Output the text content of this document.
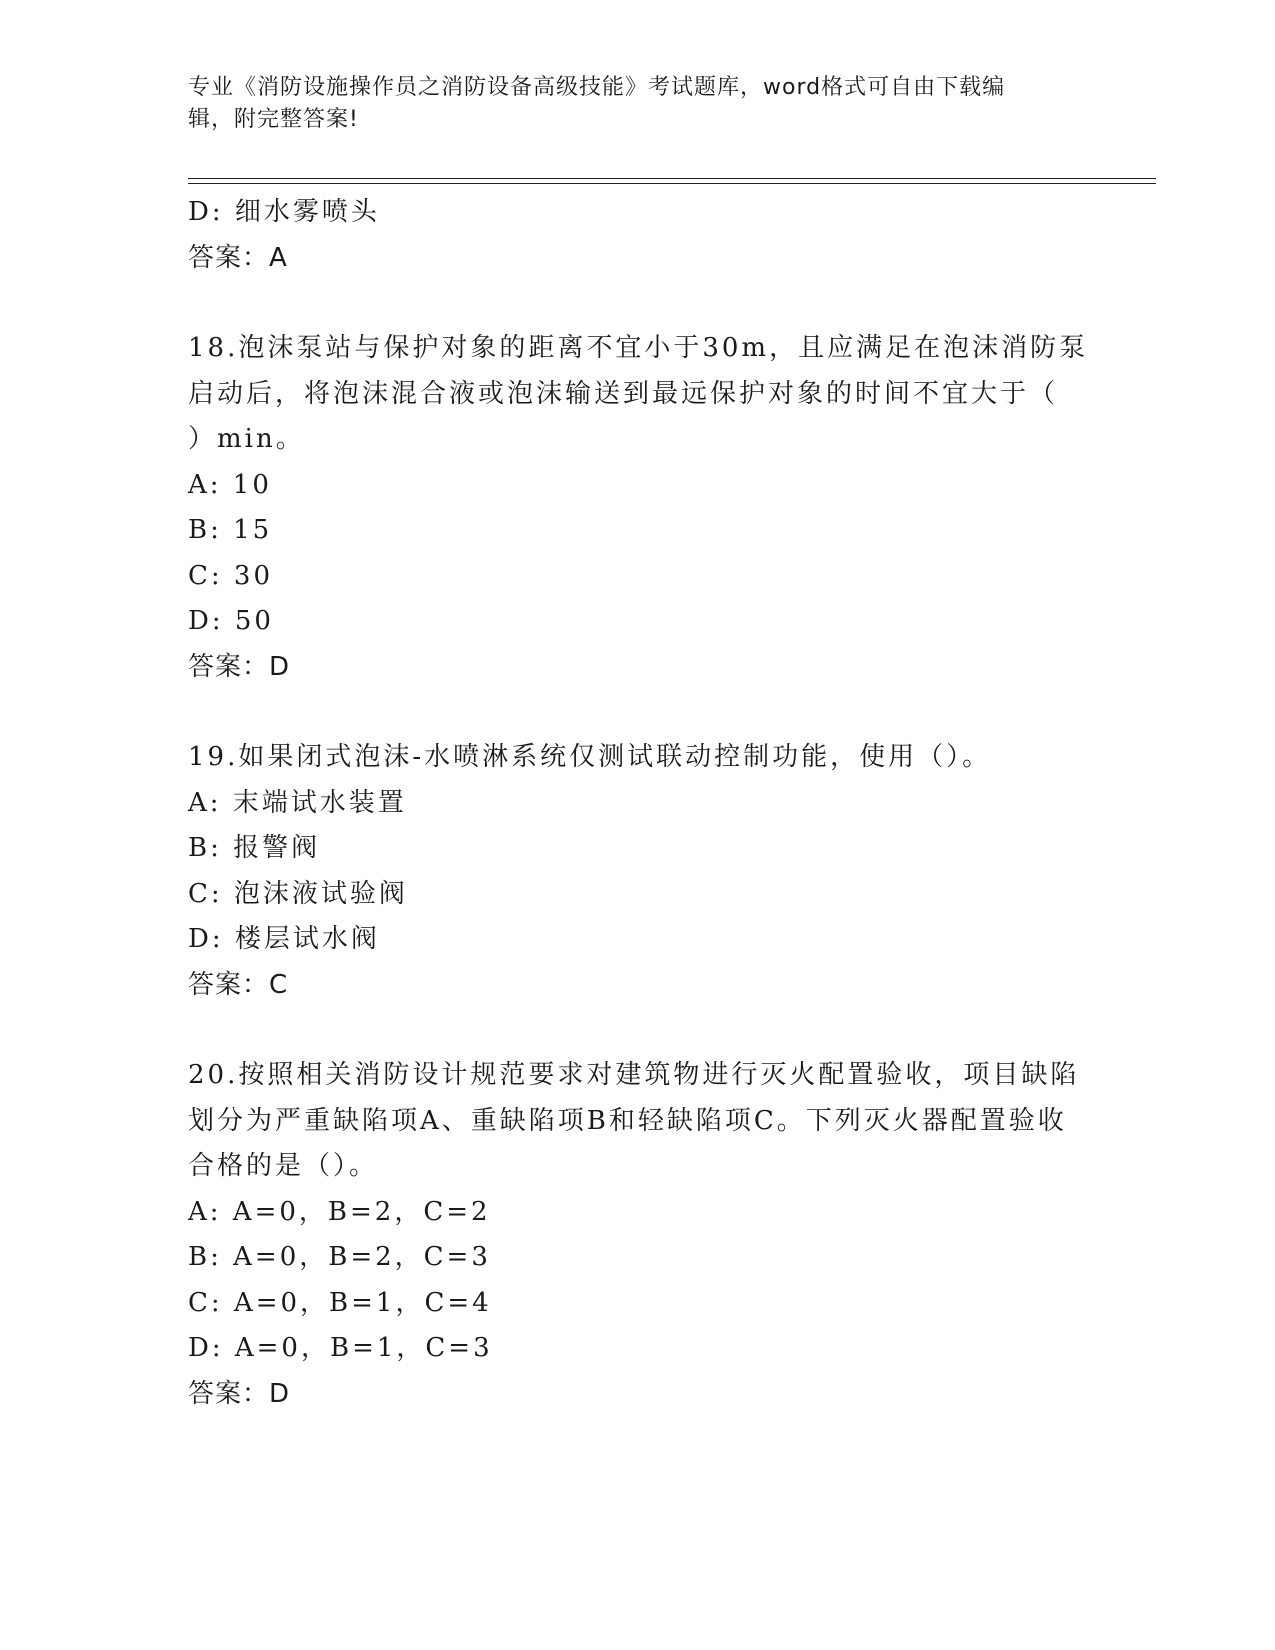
专业《消防设施操作员之消防设备高级技能》考试题库，word格式可自由下载编
辑，附完整答案!
D: 细水雾喷头
答案：A
18.泡沫泵站与保护对象的距离不宜小于30m，且应满足在泡沫消防泵
启动后，将泡沫混合液或泡沫输送到最远保护对象的时间不宜大于（
）min。
A: 10
B: 15
C: 30
D: 50
答案：D
19.如果闭式泡沫-水喷淋系统仅测试联动控制功能，使用（）。
A: 末端试水装置
B: 报警阀
C: 泡沫液试验阀
D: 楼层试水阀
答案：C
20.按照相关消防设计规范要求对建筑物进行灭火配置验收，项目缺陷
划分为严重缺陷项A、重缺陷项B和轻缺陷项C。下列灭火器配置验收
合格的是（）。
A: A=0，B=2，C=2
B: A=0，B=2，C=3
C: A=0，B=1，C=4
D: A=0，B=1，C=3
答案：D
